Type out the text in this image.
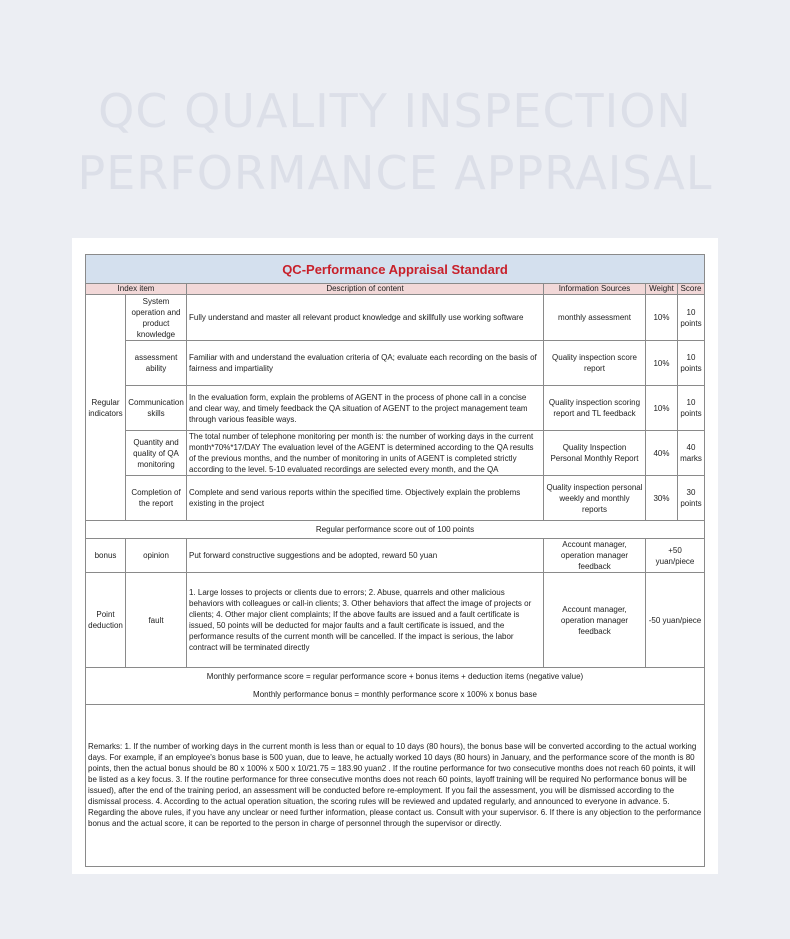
QC QUALITY INSPECTION
PERFORMANCE APPRAISAL
QC-Performance Appraisal Standard					
Index item		Description of content	Information Sources	Weight	Score
Regular indicators	System operation and product knowledge	Fully understand and master all relevant product knowledge and skillfully use working software	monthly assessment	10%	10 points
	assessment ability	Familiar with and understand the evaluation criteria of QA; evaluate each recording on the basis of fairness and impartiality	Quality inspection score report	10%	10 points
	Communication skills	In the evaluation form, explain the problems of AGENT in the process of phone call in a concise and clear way, and timely feedback the QA situation of AGENT to the project management team through various feasible ways.	Quality inspection scoring report and TL feedback	10%	10 points
	Quantity and quality of QA monitoring	The total number of telephone monitoring per month is: the number of working days in the current month*70%*17/DAY The evaluation level of the AGENT is determined according to the QA results of the previous months, and the number of monitoring in units of AGENT is completed strictly according to the level. 5-10 evaluated recordings are selected every month, and the QA	Quality Inspection Personal Monthly Report	40%	40 marks
	Completion of the report	Complete and send various reports within the specified time. Objectively explain the problems existing in the project	Quality inspection personal weekly and monthly reports	30%	30 points
Regular performance score out of 100 points					
bonus	opinion	Put forward constructive suggestions and be adopted, reward 50 yuan	Account manager, operation manager feedback	+50 yuan/piece	
Point deduction	fault	1. Large losses to projects or clients due to errors; 2. Abuse, quarrels and other malicious behaviors with colleagues or call-in clients; 3. Other behaviors that affect the image of projects or clients; 4. Other major client complaints; If the above faults are issued and a fault certificate is issued, 50 points will be deducted for major faults and a fault certificate is issued, and the performance results of the current month will be cancelled. If the impact is serious, the labor contract will be terminated directly	Account manager, operation manager feedback	-50 yuan/piece	

Monthly performance score = regular performance score + bonus items + deduction items (negative value)
Monthly performance bonus = monthly performance score x 100% x bonus base					

Remarks: 1. If the number of working days in the current month is less than or equal to 10 days (80 hours), the bonus base will be converted according to the actual working days. For example, if an employee's bonus base is 500 yuan, due to leave, he actually worked 10 days (80 hours) in January, and the performance score of the month is 80 points, then the actual bonus should be 80 x 100% x 500 x 10/21.75 = 183.90 yuan2 . If the routine performance for two consecutive months does not reach 60 points, it will be listed as a key focus. 3. If the routine performance for three consecutive months does not reach 60 points, layoff training will be required No performance bonus will be issued), after the end of the training period, an assessment will be conducted before re-employment. If you fail the assessment, you will be dismissed according to the dismissal process. 4. According to the actual operation situation, the scoring rules will be reviewed and updated regularly, and announced to everyone in advance. 5. Regarding the above rules, if you have any unclear or need further information, please contact us. Consult with your supervisor. 6. If there is any objection to the performance bonus and the actual score, it can be reported to the person in charge of personnel through the supervisor or directly.					
